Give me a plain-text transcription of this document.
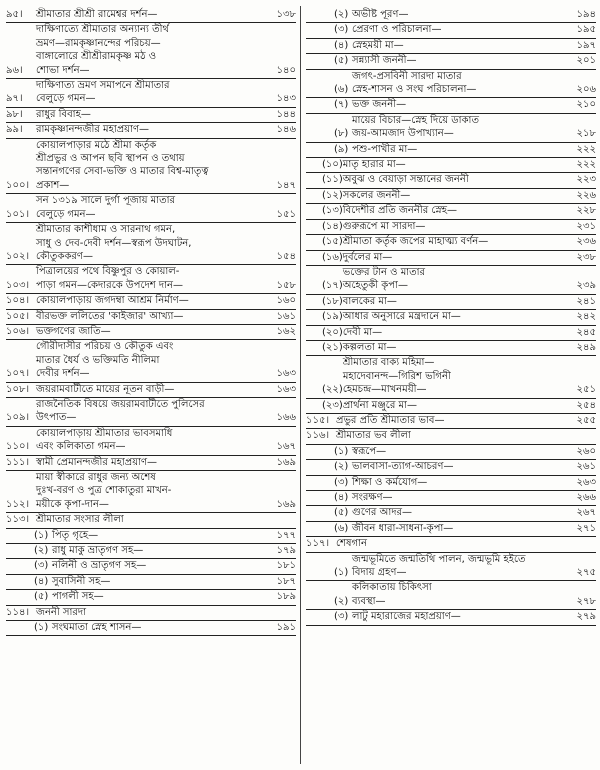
৯৫।	শ্রীমাতার শ্রীশ্রী রামেশ্বর দর্শন—	১৩৮
৯৬।
দাক্ষিণাত্যে শ্রীমাতার অন্যান্য তীর্থ
ভ্রমণ—রামকৃষ্ণানন্দের পরিচয়—
বাঙ্গালোরে শ্রীশ্রীরামকৃষ্ণ মঠ ও
শোভা দর্শন—	১৪০
৯৭।
দাক্ষিণাত্য ভ্রমণ সমাপনে শ্রীমাতার
বেলুড়ে গমন—	১৪৩
৯৮।	রাধুর বিবাহ—	১৪৪
৯৯।	রামকৃষ্ণানন্দজীর মহাপ্রয়াণ—	১৪৬
১০০।
কোয়ালপাড়ার মঠে শ্রীমা কর্তৃক
শ্রীপ্রভুর ও আপন ছবি স্থাপন ও তথায়
সন্তানগণের সেবা-ভক্তি ও মাতার বিশ্ব-মাতৃত্ব
প্রকাশ—	১৪৭
১০১।
সন ১৩১৯ সালে দুর্গা পূজায় মাতার
বেলুড়ে গমন—	১৫১
১০২।
শ্রীমাতার কাশীধাম ও সারনাথ গমন,
সাধু ও দেব-দেবী দর্শন—স্বরূপ উদঘাটন,
কৌতুককরণ—	১৫৪
১০৩।
পিত্রালয়ের পথে বিষ্ণুপুর ও কোয়াল-
পাড়া গমন—কেদারকে উপদেশ দান—	১৫৮
১০৪। কোয়ালপাড়ায় জগদম্বা আশ্রম নির্মাণ—	১৬০
১০৫। বীরভক্ত ললিতের 'কাইজার' আখ্যা—	১৬১
১০৬। ভক্তগণের জাতি—	১৬২
১০৭।
গৌরীদাসীর পরিচয় ও কৌতুক এবং
মাতার ধৈর্য ও ভক্তিমতি নীলিমা
দেবীর দর্শন—	১৬৩
১০৮। জয়রামবাটীতে মায়ের নূতন বাড়ী—	১৬৩
১০৯।
রাজনৈতিক বিষয়ে জয়রামবাটীতে পুলিসের
উৎপাত—	১৬৬
১১০।
কোয়ালপাড়ায় শ্রীমাতার ভাবসমাধি
এবং কলিকাতা গমন—	১৬৭
১১১। স্বামী প্রেমানন্দজীর মহাপ্রয়াণ—	১৬৯
১১২।
মায়া স্বীকারে রাধুর জন্য অশেষ
দুঃখ-বরণ ও পুত্র শোকাতুরা মাখন-
ময়ীকে কৃপা-দান—	১৬৯
১১৩। শ্রীমাতার সংসার লীলা
(১) পিতৃ গৃহে—	১৭৭
(২) রাধু মাকু ভ্রাতৃগণ সহ—	১৭৯
(৩) নলিনী ও ভ্রাতৃগণ সহ—	১৮১
(৪) সুবাসিনী সহ—	১৮৭
(৫) পাগলী সহ—	১৮৯
১১৪। জননী সারদা
(১) সংঘমাতা স্নেহ শাসন—	১৯১
(২) অভীষ্ট পূরণ—	১৯৪
(৩) প্রেরণা ও পরিচালনা—	১৯৫
(৪) স্নেহময়ী মা—	১৯৭
(৫) সন্ন্যাসী জননী—	২০১
(৬)
জগৎ-প্রসবিনী সারদা মাতার
স্নেহ-শাসন ও সংঘ পরিচালনা—	২০৬
(৭) ভক্ত জননী—	২১০
(৮)
মায়ের বিচার—স্নেহ দিয়ে ডাকাত
জয়-আমজাদ উপাখ্যান—	২১৮
(৯) পশু-পাখীর মা—	২২২
(১০) মাতৃ হারার মা—	২২২
(১১) অবুঝ ও বেয়াড়া সন্তানের জননী	২২৩
(১২) সকলের জননী—	২২৬
(১৩) বিদেশীর প্রতি জননীর স্নেহ—	২২৮
(১৪) গুরুরূপে মা সারদা—	২৩১
(১৫) শ্রীমাতা কর্তৃক জপের মাহাত্ম্য বর্ণন—	২৩৬
(১৬) দুর্বলের মা—	২৩৮
(১৭)
ভক্তের টান ও মাতার
অহেতুকী কৃপা—	২৩৯
(১৮) বালকের মা—	২৪১
(১৯) আধার অনুসারে মন্ত্রদানে মা—	২৪২
(২০) দেবী মা—	২৪৫
(২১) কল্পলতা মা—	২৪৯
(২২)
শ্রীমাতার বাক্য মহিমা—
মহাদেবানন্দ—গিরিশ ভগিনী
হেমচন্দ্র—মাখনময়ী—	২৫১
(২৩) প্রার্থনা মঞ্জুরে মা—	২৫৪
১১৫। প্রভুর প্রতি শ্রীমাতার ভাব—	২৫৫
১১৬। শ্রীমাতার ভব লীলা
(১) স্বরূপে—	২৬০
(২) ভালবাসা-ত্যাগ-আচরণ—	২৬১
(৩) শিক্ষা ও কর্মযোগ—	২৬৩
(৪) সংরক্ষণ—	২৬৬
(৫) গুণের আদর—	২৬৭
(৬) জীবন ধারা-সাধনা-কৃপা—	২৭১
১১৭। শেষগান
(১)
জন্মভূমিতে জন্মতিথি পালন, জন্মভূমি হইতে
বিদায় গ্রহণ—	২৭৫
(২)
কলিকাতায় চিকিৎসা
ব্যবস্থা—	২৭৮
(৩) লাটু মহারাজের মহাপ্রয়াণ—	২৭৯
